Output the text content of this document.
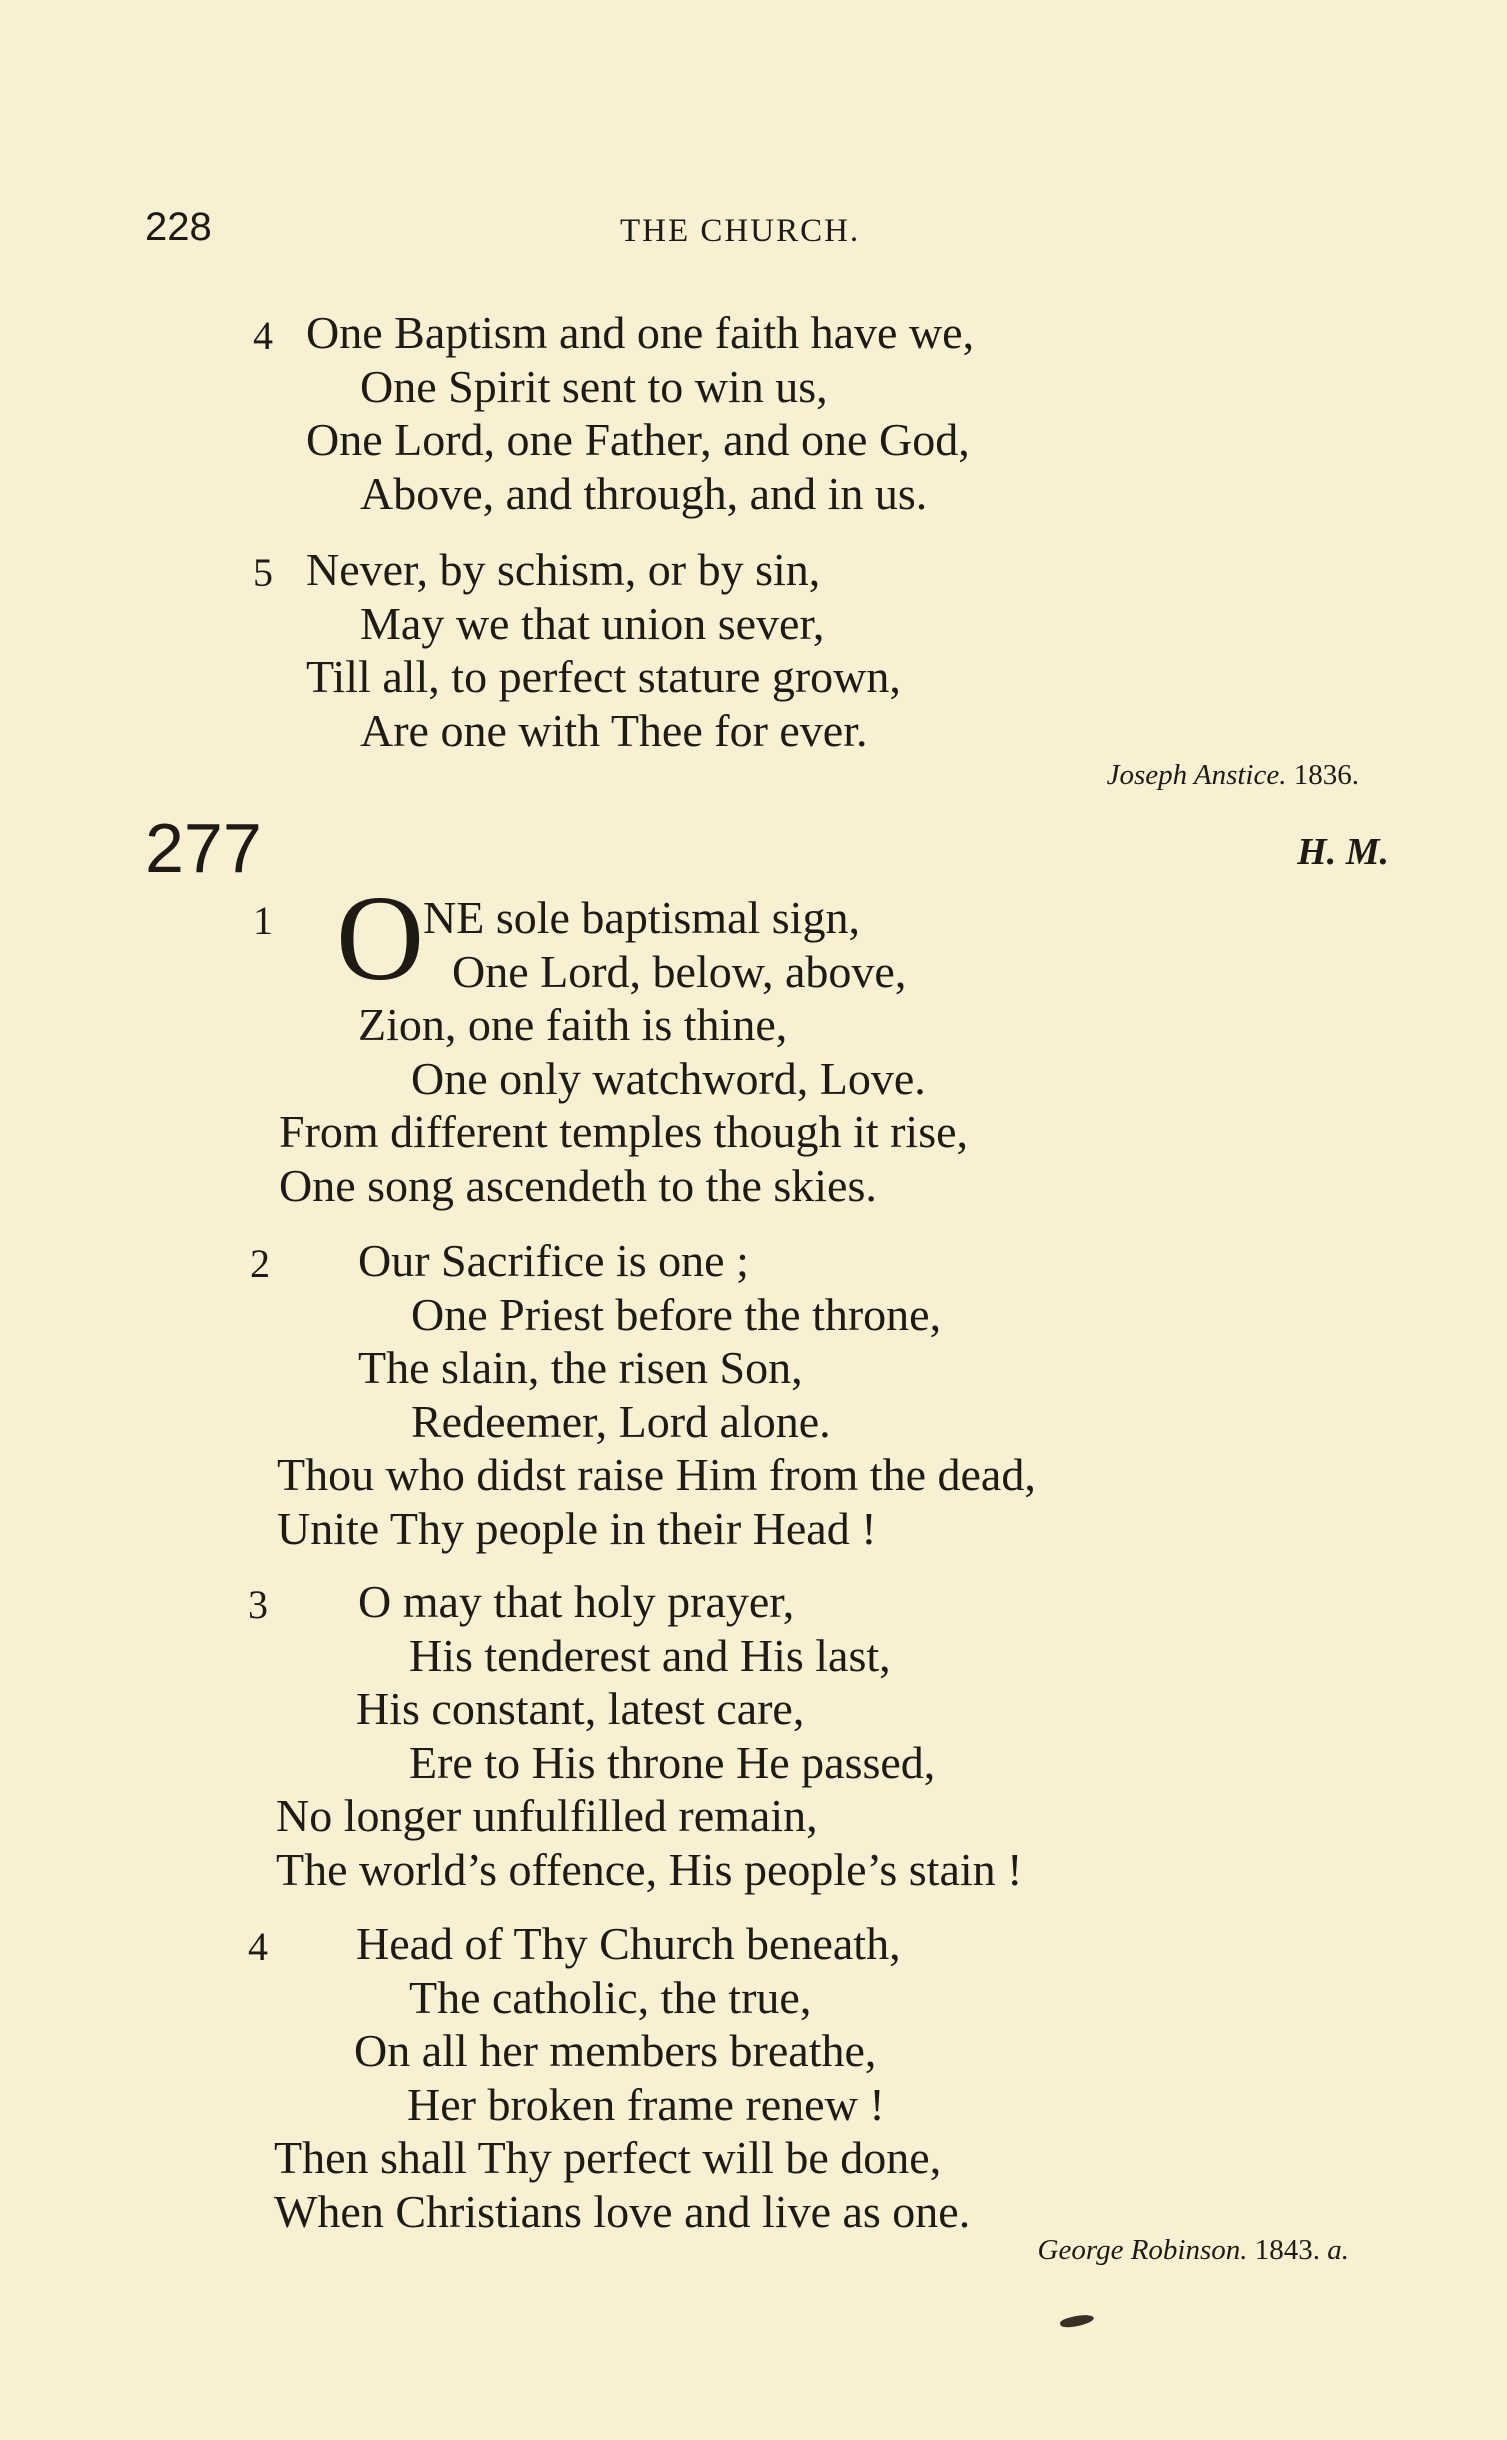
228	THE CHURCH.
4 One Baptism and one faith have we,
One Spirit sent to win us,
One Lord, one Father, and one God,
Above, and through, and in us.
5 Never, by schism, or by sin,
May we that union sever,
Till all, to perfect stature grown,
Are one with Thee for ever.
Joseph Anstice. 1836.
277	H. M.
1 O
NE sole baptismal sign,
One Lord, below, above,
Zion, one faith is thine,
One only watchword, Love.
From different temples though it rise,
One song ascendeth to the skies.
2 Our Sacrifice is one ;
One Priest before the throne,
The slain, the risen Son,
Redeemer, Lord alone.
Thou who didst raise Him from the dead,
Unite Thy people in their Head !
3 O may that holy prayer,
His tenderest and His last,
His constant, latest care,
Ere to His throne He passed,
No longer unfulfilled remain,
The world’s offence, His people’s stain !
4 Head of Thy Church beneath,
The catholic, the true,
On all her members breathe,
Her broken frame renew !
Then shall Thy perfect will be done,
When Christians love and live as one.
George Robinson. 1843. a.
